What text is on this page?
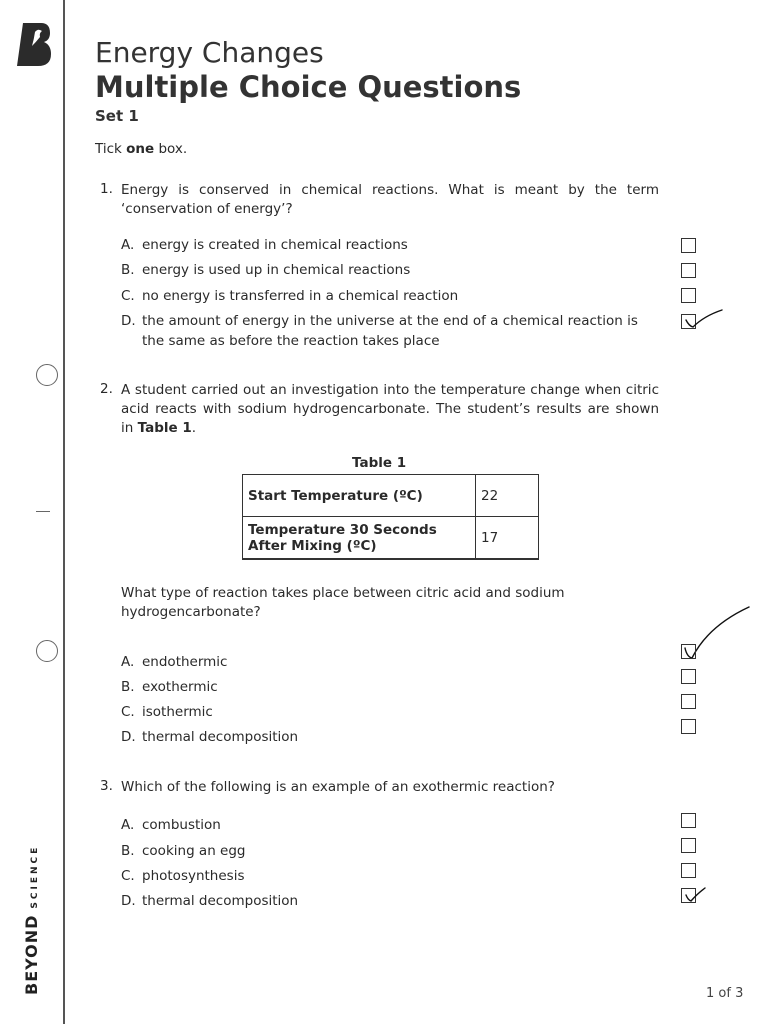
BEYOND
SCIENCE
Energy Changes
Multiple Choice Questions
Set 1
Tick one box.
1. Energy is conserved in chemical reactions. What is meant by the term ‘conservation of energy’?
A. energy is created in chemical reactions
B. energy is used up in chemical reactions
C. no energy is transferred in a chemical reaction
D. the amount of energy in the universe at the end of a chemical reaction is the same as before the reaction takes place
2. A student carried out an investigation into the temperature change when citric acid reacts with sodium hydrogencarbonate. The student’s results are shown in Table 1.
Table 1
Start Temperature (ºC)	22
Temperature 30 Seconds After Mixing (ºC)	17
What type of reaction takes place between citric acid and sodium hydrogencarbonate?
A. endothermic
B. exothermic
C. isothermic
D. thermal decomposition
3. Which of the following is an example of an exothermic reaction?
A. combustion
B. cooking an egg
C. photosynthesis
D. thermal decomposition
1 of 3
